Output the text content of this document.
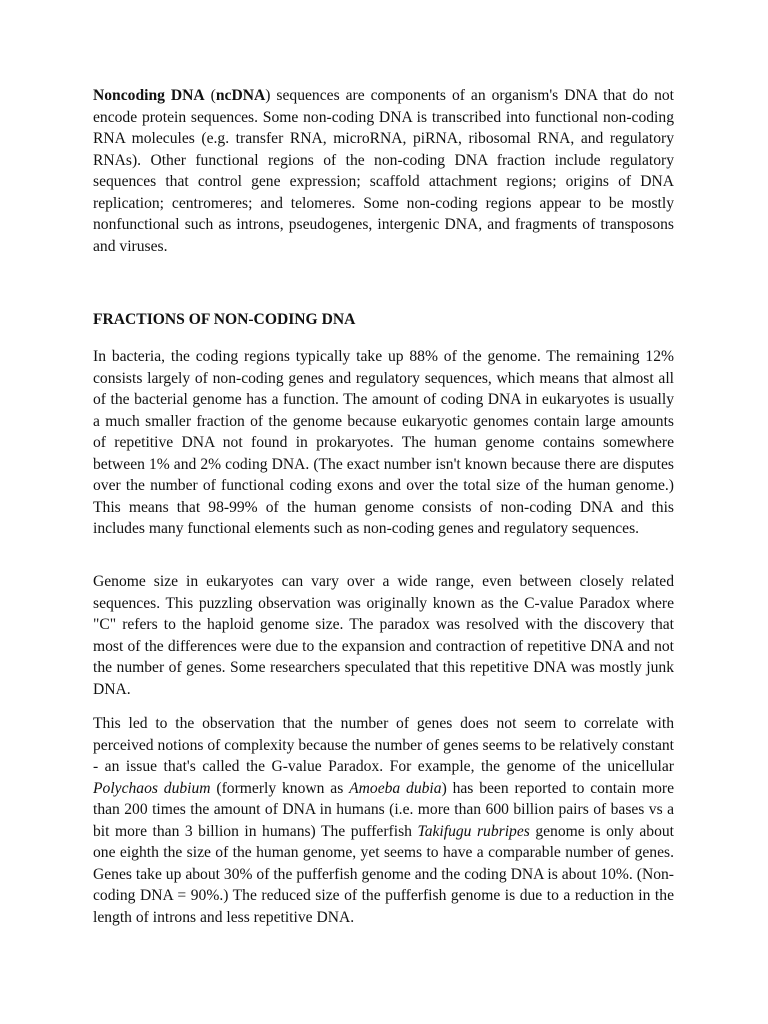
Noncoding DNA (ncDNA) sequences are components of an organism's DNA that do not encode protein sequences. Some non-coding DNA is transcribed into functional non-coding RNA molecules (e.g. transfer RNA, microRNA, piRNA, ribosomal RNA, and regulatory RNAs). Other functional regions of the non-coding DNA fraction include regulatory sequences that control gene expression; scaffold attachment regions; origins of DNA replication; centromeres; and telomeres. Some non-coding regions appear to be mostly nonfunctional such as introns, pseudogenes, intergenic DNA, and fragments of transposons and viruses.

FRACTIONS OF NON-CODING DNA

In bacteria, the coding regions typically take up 88% of the genome. The remaining 12% consists largely of non-coding genes and regulatory sequences, which means that almost all of the bacterial genome has a function. The amount of coding DNA in eukaryotes is usually a much smaller fraction of the genome because eukaryotic genomes contain large amounts of repetitive DNA not found in prokaryotes. The human genome contains somewhere between 1% and 2% coding DNA. (The exact number isn't known because there are disputes over the number of functional coding exons and over the total size of the human genome.) This means that 98-99% of the human genome consists of non-coding DNA and this includes many functional elements such as non-coding genes and regulatory sequences.

Genome size in eukaryotes can vary over a wide range, even between closely related sequences. This puzzling observation was originally known as the C-value Paradox where "C" refers to the haploid genome size. The paradox was resolved with the discovery that most of the differences were due to the expansion and contraction of repetitive DNA and not the number of genes. Some researchers speculated that this repetitive DNA was mostly junk DNA.

This led to the observation that the number of genes does not seem to correlate with perceived notions of complexity because the number of genes seems to be relatively constant - an issue that's called the G-value Paradox. For example, the genome of the unicellular Polychaos dubium (formerly known as Amoeba dubia) has been reported to contain more than 200 times the amount of DNA in humans (i.e. more than 600 billion pairs of bases vs a bit more than 3 billion in humans) The pufferfish Takifugu rubripes genome is only about one eighth the size of the human genome, yet seems to have a comparable number of genes. Genes take up about 30% of the pufferfish genome and the coding DNA is about 10%. (Non-coding DNA = 90%.) The reduced size of the pufferfish genome is due to a reduction in the length of introns and less repetitive DNA.
